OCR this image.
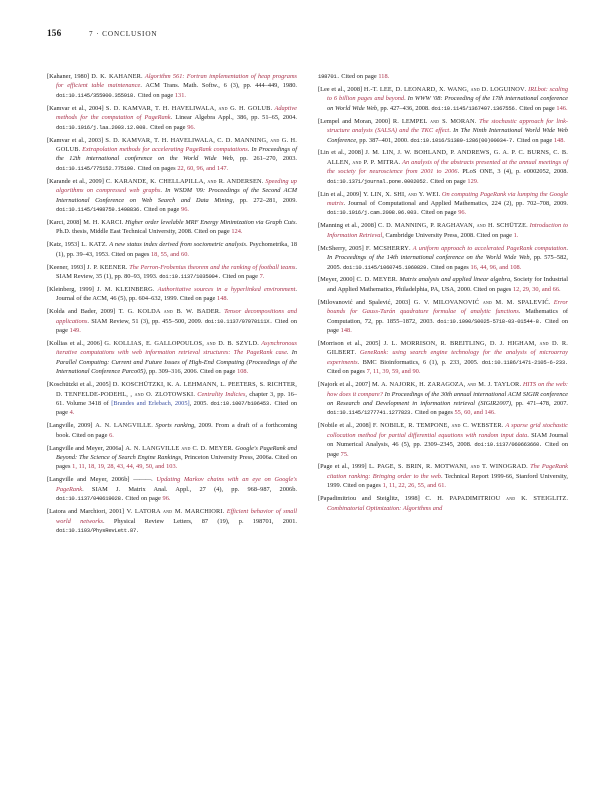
156	7 · CONCLUSION
[Kahaner, 1980] D. K. KAHANER. Algorithm 561: Fortran implementation of heap programs for efficient table maintenance. ACM Trans. Math. Softw., 6 (3), pp. 444–449, 1980. doi:10.1145/355900.355918. Cited on page 131.
[Kamvar et al., 2004] S. D. KAMVAR, T. H. HAVELIWALA, and G. H. GOLUB. Adaptive methods for the computation of PageRank. Linear Algebra Appl., 386, pp. 51–65, 2004. doi:10.1016/j.laa.2003.12.008. Cited on page 96.
[Kamvar et al., 2003] S. D. KAMVAR, T. H. HAVELIWALA, C. D. MANNING, and G. H. GOLUB. Extrapolation methods for accelerating PageRank computations. In Proceedings of the 12th international conference on the World Wide Web, pp. 261–270, 2003. doi:10.1145/775152.775190. Cited on pages 22, 60, 96, and 147.
[Karande et al., 2009] C. KARANDE, K. CHELLAPILLA, and R. ANDERSEN. Speeding up algorithms on compressed web graphs. In WSDM '09: Proceedings of the Second ACM International Conference on Web Search and Data Mining, pp. 272–281, 2009. doi:10.1145/1498759.1498836. Cited on page 96.
[Karci, 2008] M. H. KARCI. Higher order levelable MRF Energy Minimization via Graph Cuts. Ph.D. thesis, Middle East Technical University, 2008. Cited on page 124.
[Katz, 1953] L. KATZ. A new status index derived from sociometric analysis. Psychometrika, 18 (1), pp. 39–43, 1953. Cited on pages 18, 55, and 60.
[Keener, 1993] J. P. KEENER. The Perron-Frobenius theorem and the ranking of football teams. SIAM Review, 35 (1), pp. 80–93, 1993. doi:10.1137/1035004. Cited on page 7.
[Kleinberg, 1999] J. M. KLEINBERG. Authoritative sources in a hyperlinked environment. Journal of the ACM, 46 (5), pp. 604–632, 1999. Cited on page 148.
[Kolda and Bader, 2009] T. G. KOLDA and B. W. BADER. Tensor decompositions and applications. SIAM Review, 51 (3), pp. 455–500, 2009. doi:10.1137/07070111X. Cited on page 149.
[Kollias et al., 2006] G. KOLLIAS, E. GALLOPOULOS, and D. B. SZYLD. Asynchronous iterative computations with web information retrieval structures: The PageRank case. In Parallel Computing: Current and Future Issues of High-End Computing (Proceedings of the International Conference Parco05), pp. 309–316, 2006. Cited on page 108.
[Koschützki et al., 2005] D. KOSCHÜTZKI, K. A. LEHMANN, L. PEETERS, S. RICHTER, D. TENFELDE-PODEHL, , and O. ZLOTOWSKI. Centrality Indicies, chapter 3, pp. 16–61. Volume 3418 of [Brandes and Erlebach, 2005], 2005. doi:10.1007/b106453. Cited on page 4.
[Langville, 2009] A. N. LANGVILLE. Sports ranking, 2009. From a draft of a forthcoming book. Cited on page 6.
[Langville and Meyer, 2006a] A. N. LANGVILLE and C. D. MEYER. Google's PageRank and Beyond: The Science of Search Engine Rankings, Princeton University Press, 2006a. Cited on pages 1, 11, 18, 19, 28, 43, 44, 49, 50, and 103.
[Langville and Meyer, 2006b] ———. Updating Markov chains with an eye on Google's PageRank. SIAM J. Matrix Anal. Appl., 27 (4), pp. 968–987, 2006b. doi:10.1137/040619028. Cited on page 96.
[Latora and Marchiori, 2001] V. LATORA and M. MARCHIORI. Efficient behavior of small world networks. Physical Review Letters, 87 (19), p. 198701, 2001. doi:10.1103/PhysRevLett.87.
198701. Cited on page 118.
[Lee et al., 2008] H.-T. LEE, D. LEONARD, X. WANG, and D. LOGUINOV. IRLbot: scaling to 6 billion pages and beyond. In WWW '08: Proceeding of the 17th international conference on World Wide Web, pp. 427–436, 2008. doi:10.1145/1367497.1367556. Cited on page 146.
[Lempel and Moran, 2000] R. LEMPEL and S. MORAN. The stochastic approach for link-structure analysis (SALSA) and the TKC effect. In The Ninth International World Wide Web Conference, pp. 387–401, 2000. doi:10.1016/S1389-1286(00)00034-7. Cited on page 148.
[Lin et al., 2008] J. M. LIN, J. W. BOHLAND, P. ANDREWS, G. A. P. C. BURNS, C. B. ALLEN, and P. P. MITRA. An analysis of the abstracts presented at the annual meetings of the society for neuroscience from 2001 to 2006. PLoS ONE, 3 (4), p. e0002052, 2008. doi:10.1371/journal.pone.0002052. Cited on page 129.
[Lin et al., 2009] Y. LIN, X. SHI, and Y. WEI. On computing PageRank via lumping the Google matrix. Journal of Computational and Applied Mathematics, 224 (2), pp. 702–708, 2009. doi:10.1016/j.cam.2008.06.003. Cited on page 96.
[Manning et al., 2008] C. D. MANNING, P. RAGHAVAN, and H. SCHÜTZE. Introduction to Information Retrieval, Cambridge University Press, 2008. Cited on page 1.
[McSherry, 2005] F. MCSHERRY. A uniform approach to accelerated PageRank computation. In Proceedings of the 14th international conference on the World Wide Web, pp. 575–582, 2005. doi:10.1145/1060745.1060829. Cited on pages 16, 44, 96, and 108.
[Meyer, 2000] C. D. MEYER. Matrix analysis and applied linear algebra, Society for Industrial and Applied Mathematics, Philadelphia, PA, USA, 2000. Cited on pages 12, 29, 30, and 66.
[Milovanović and Spalević, 2003] G. V. MILOVANOVIĆ and M. M. SPALEVIĆ. Error bounds for Gauss-Turán quadrature formulae of analytic functions. Mathematics of Computation, 72, pp. 1855–1872, 2003. doi:10.1090/S0025-5718-03-01544-8. Cited on page 148.
[Morrison et al., 2005] J. L. MORRISON, R. BREITLING, D. J. HIGHAM, and D. R. GILBERT. GeneRank: using search engine technology for the analysis of microarray experiments. BMC Bioinformatics, 6 (1), p. 233, 2005. doi:10.1186/1471-2105-6-233. Cited on pages 7, 11, 39, 59, and 90.
[Najork et al., 2007] M. A. NAJORK, H. ZARAGOZA, and M. J. TAYLOR. HITS on the web: how does it compare? In Proceedings of the 30th annual international ACM SIGIR conference on Research and Development in information retrieval (SIGIR2007), pp. 471–478, 2007. doi:10.1145/1277741.1277823. Cited on pages 55, 60, and 146.
[Nobile et al., 2008] F. NOBILE, R. TEMPONE, and C. WEBSTER. A sparse grid stochastic collocation method for partial differential equations with random input data. SIAM Journal on Numerical Analysis, 46 (5), pp. 2309–2345, 2008. doi:10.1137/060663660. Cited on page 75.
[Page et al., 1999] L. PAGE, S. BRIN, R. MOTWANI, and T. WINOGRAD. The PageRank citation ranking: Bringing order to the web. Technical Report 1999-66, Stanford University, 1999. Cited on pages 1, 11, 22, 26, 55, and 61.
[Papadimitriou and Steiglitz, 1998] C. H. PAPADIMITRIOU and K. STEIGLITZ. Combinatorial Optimization: Algorithms and
